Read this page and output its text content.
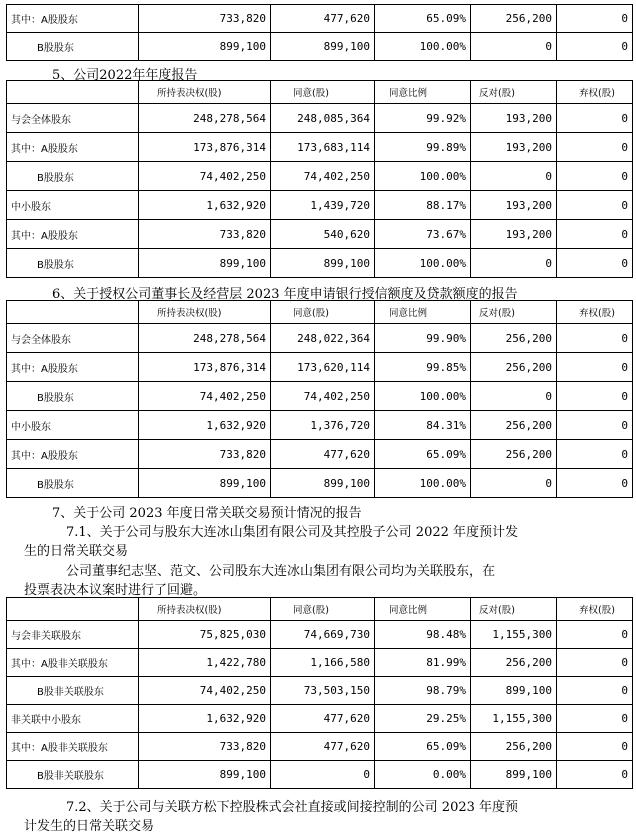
其中：A股股东	733,820	477,620	65.09%	256,200	0
B股股东	899,100	899,100	100.00%	0	0
5、公司2022年年度报告
	所持表决权(股)	同意(股)	同意比例	反对(股)	弃权(股)
与会全体股东	248,278,564	248,085,364	99.92%	193,200	0
其中：A股股东	173,876,314	173,683,114	99.89%	193,200	0
B股股东	74,402,250	74,402,250	100.00%	0	0
中小股东	1,632,920	1,439,720	88.17%	193,200	0
其中：A股股东	733,820	540,620	73.67%	193,200	0
B股股东	899,100	899,100	100.00%	0	0
6、关于授权公司董事长及经营层 2023 年度申请银行授信额度及贷款额度的报告
	所持表决权(股)	同意(股)	同意比例	反对(股)	弃权(股)
与会全体股东	248,278,564	248,022,364	99.90%	256,200	0
其中：A股股东	173,876,314	173,620,114	99.85%	256,200	0
B股股东	74,402,250	74,402,250	100.00%	0	0
中小股东	1,632,920	1,376,720	84.31%	256,200	0
其中：A股股东	733,820	477,620	65.09%	256,200	0
B股股东	899,100	899,100	100.00%	0	0
7、关于公司 2023 年度日常关联交易预计情况的报告
7.1、关于公司与股东大连冰山集团有限公司及其控股子公司 2022 年度预计发
生的日常关联交易
公司董事纪志坚、范文、公司股东大连冰山集团有限公司均为关联股东，在
投票表决本议案时进行了回避。
	所持表决权(股)	同意(股)	同意比例	反对(股)	弃权(股)
与会非关联股东	75,825,030	74,669,730	98.48%	1,155,300	0
其中：A股非关联股东	1,422,780	1,166,580	81.99%	256,200	0
B股非关联股东	74,402,250	73,503,150	98.79%	899,100	0
非关联中小股东	1,632,920	477,620	29.25%	1,155,300	0
其中：A股非关联股东	733,820	477,620	65.09%	256,200	0
B股非关联股东	899,100	0	0.00%	899,100	0
7.2、关于公司与关联方松下控股株式会社直接或间接控制的公司 2023 年度预
计发生的日常关联交易
